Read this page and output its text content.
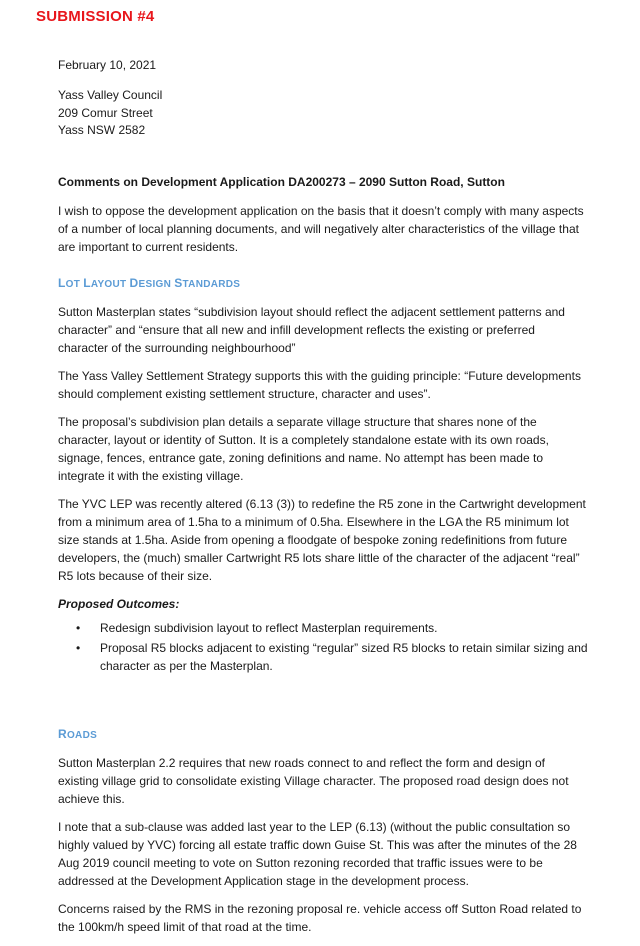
SUBMISSION #4
February 10, 2021
Yass Valley Council
209 Comur Street
Yass NSW 2582
Comments on Development Application DA200273 – 2090 Sutton Road, Sutton

I wish to oppose the development application on the basis that it doesn’t comply with many aspects of a number of local planning documents, and will negatively alter characteristics of the village that are important to current residents.

LOT LAYOUT DESIGN STANDARDS

Sutton Masterplan states “subdivision layout should reflect the adjacent settlement patterns and character” and “ensure that all new and infill development reflects the existing or preferred character of the surrounding neighbourhood”

The Yass Valley Settlement Strategy supports this with the guiding principle: “Future developments should complement existing settlement structure, character and uses”.

The proposal’s subdivision plan details a separate village structure that shares none of the character, layout or identity of Sutton. It is a completely standalone estate with its own roads, signage, fences, entrance gate, zoning definitions and name. No attempt has been made to integrate it with the existing village.

The YVC LEP was recently altered (6.13 (3)) to redefine the R5 zone in the Cartwright development from a minimum area of 1.5ha to a minimum of 0.5ha. Elsewhere in the LGA the R5 minimum lot size stands at 1.5ha. Aside from opening a floodgate of bespoke zoning redefinitions from future developers, the (much) smaller Cartwright R5 lots share little of the character of the adjacent “real” R5 lots because of their size.

Proposed Outcomes:
• Redesign subdivision layout to reflect Masterplan requirements.
• Proposal R5 blocks adjacent to existing “regular” sized R5 blocks to retain similar sizing and character as per the Masterplan.
ROADS

Sutton Masterplan 2.2 requires that new roads connect to and reflect the form and design of existing village grid to consolidate existing Village character. The proposed road design does not achieve this.

I note that a sub-clause was added last year to the LEP (6.13) (without the public consultation so highly valued by YVC) forcing all estate traffic down Guise St. This was after the minutes of the 28 Aug 2019 council meeting to vote on Sutton rezoning recorded that traffic issues were to be addressed at the Development Application stage in the development process.

Concerns raised by the RMS in the rezoning proposal re. vehicle access off Sutton Road related to the 100km/h speed limit of that road at the time.
